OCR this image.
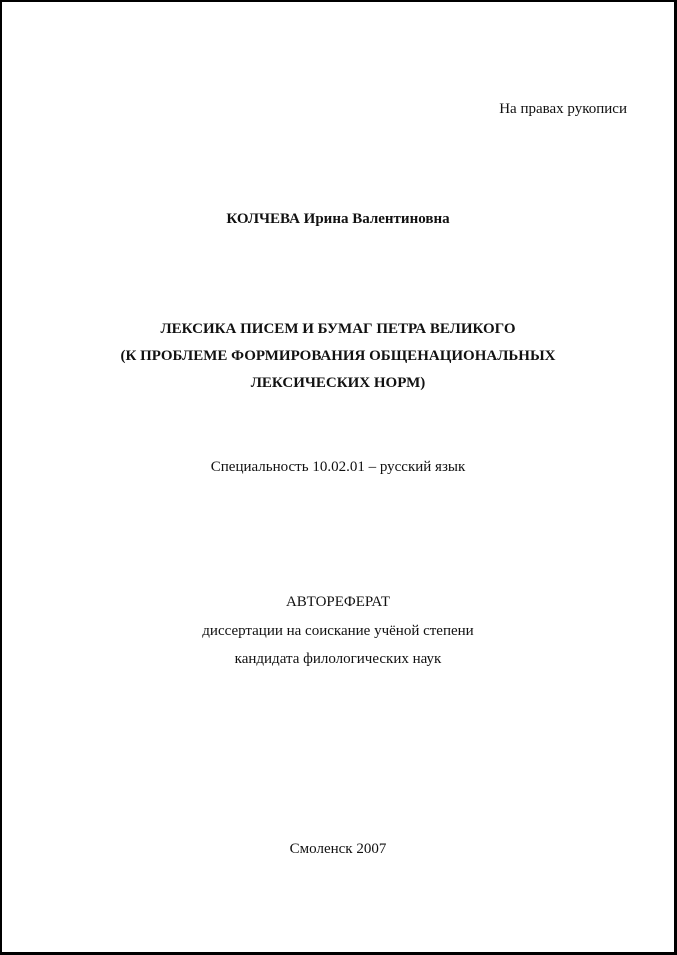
На правах рукописи
КОЛЧЕВА Ирина Валентиновна
ЛЕКСИКА ПИСЕМ И БУМАГ ПЕТРА ВЕЛИКОГО
(К ПРОБЛЕМЕ ФОРМИРОВАНИЯ ОБЩЕНАЦИОНАЛЬНЫХ
ЛЕКСИЧЕСКИХ НОРМ)
Специальность 10.02.01 – русский язык
АВТОРЕФЕРАТ
диссертации на соискание учёной степени
кандидата филологических наук
Смоленск 2007
